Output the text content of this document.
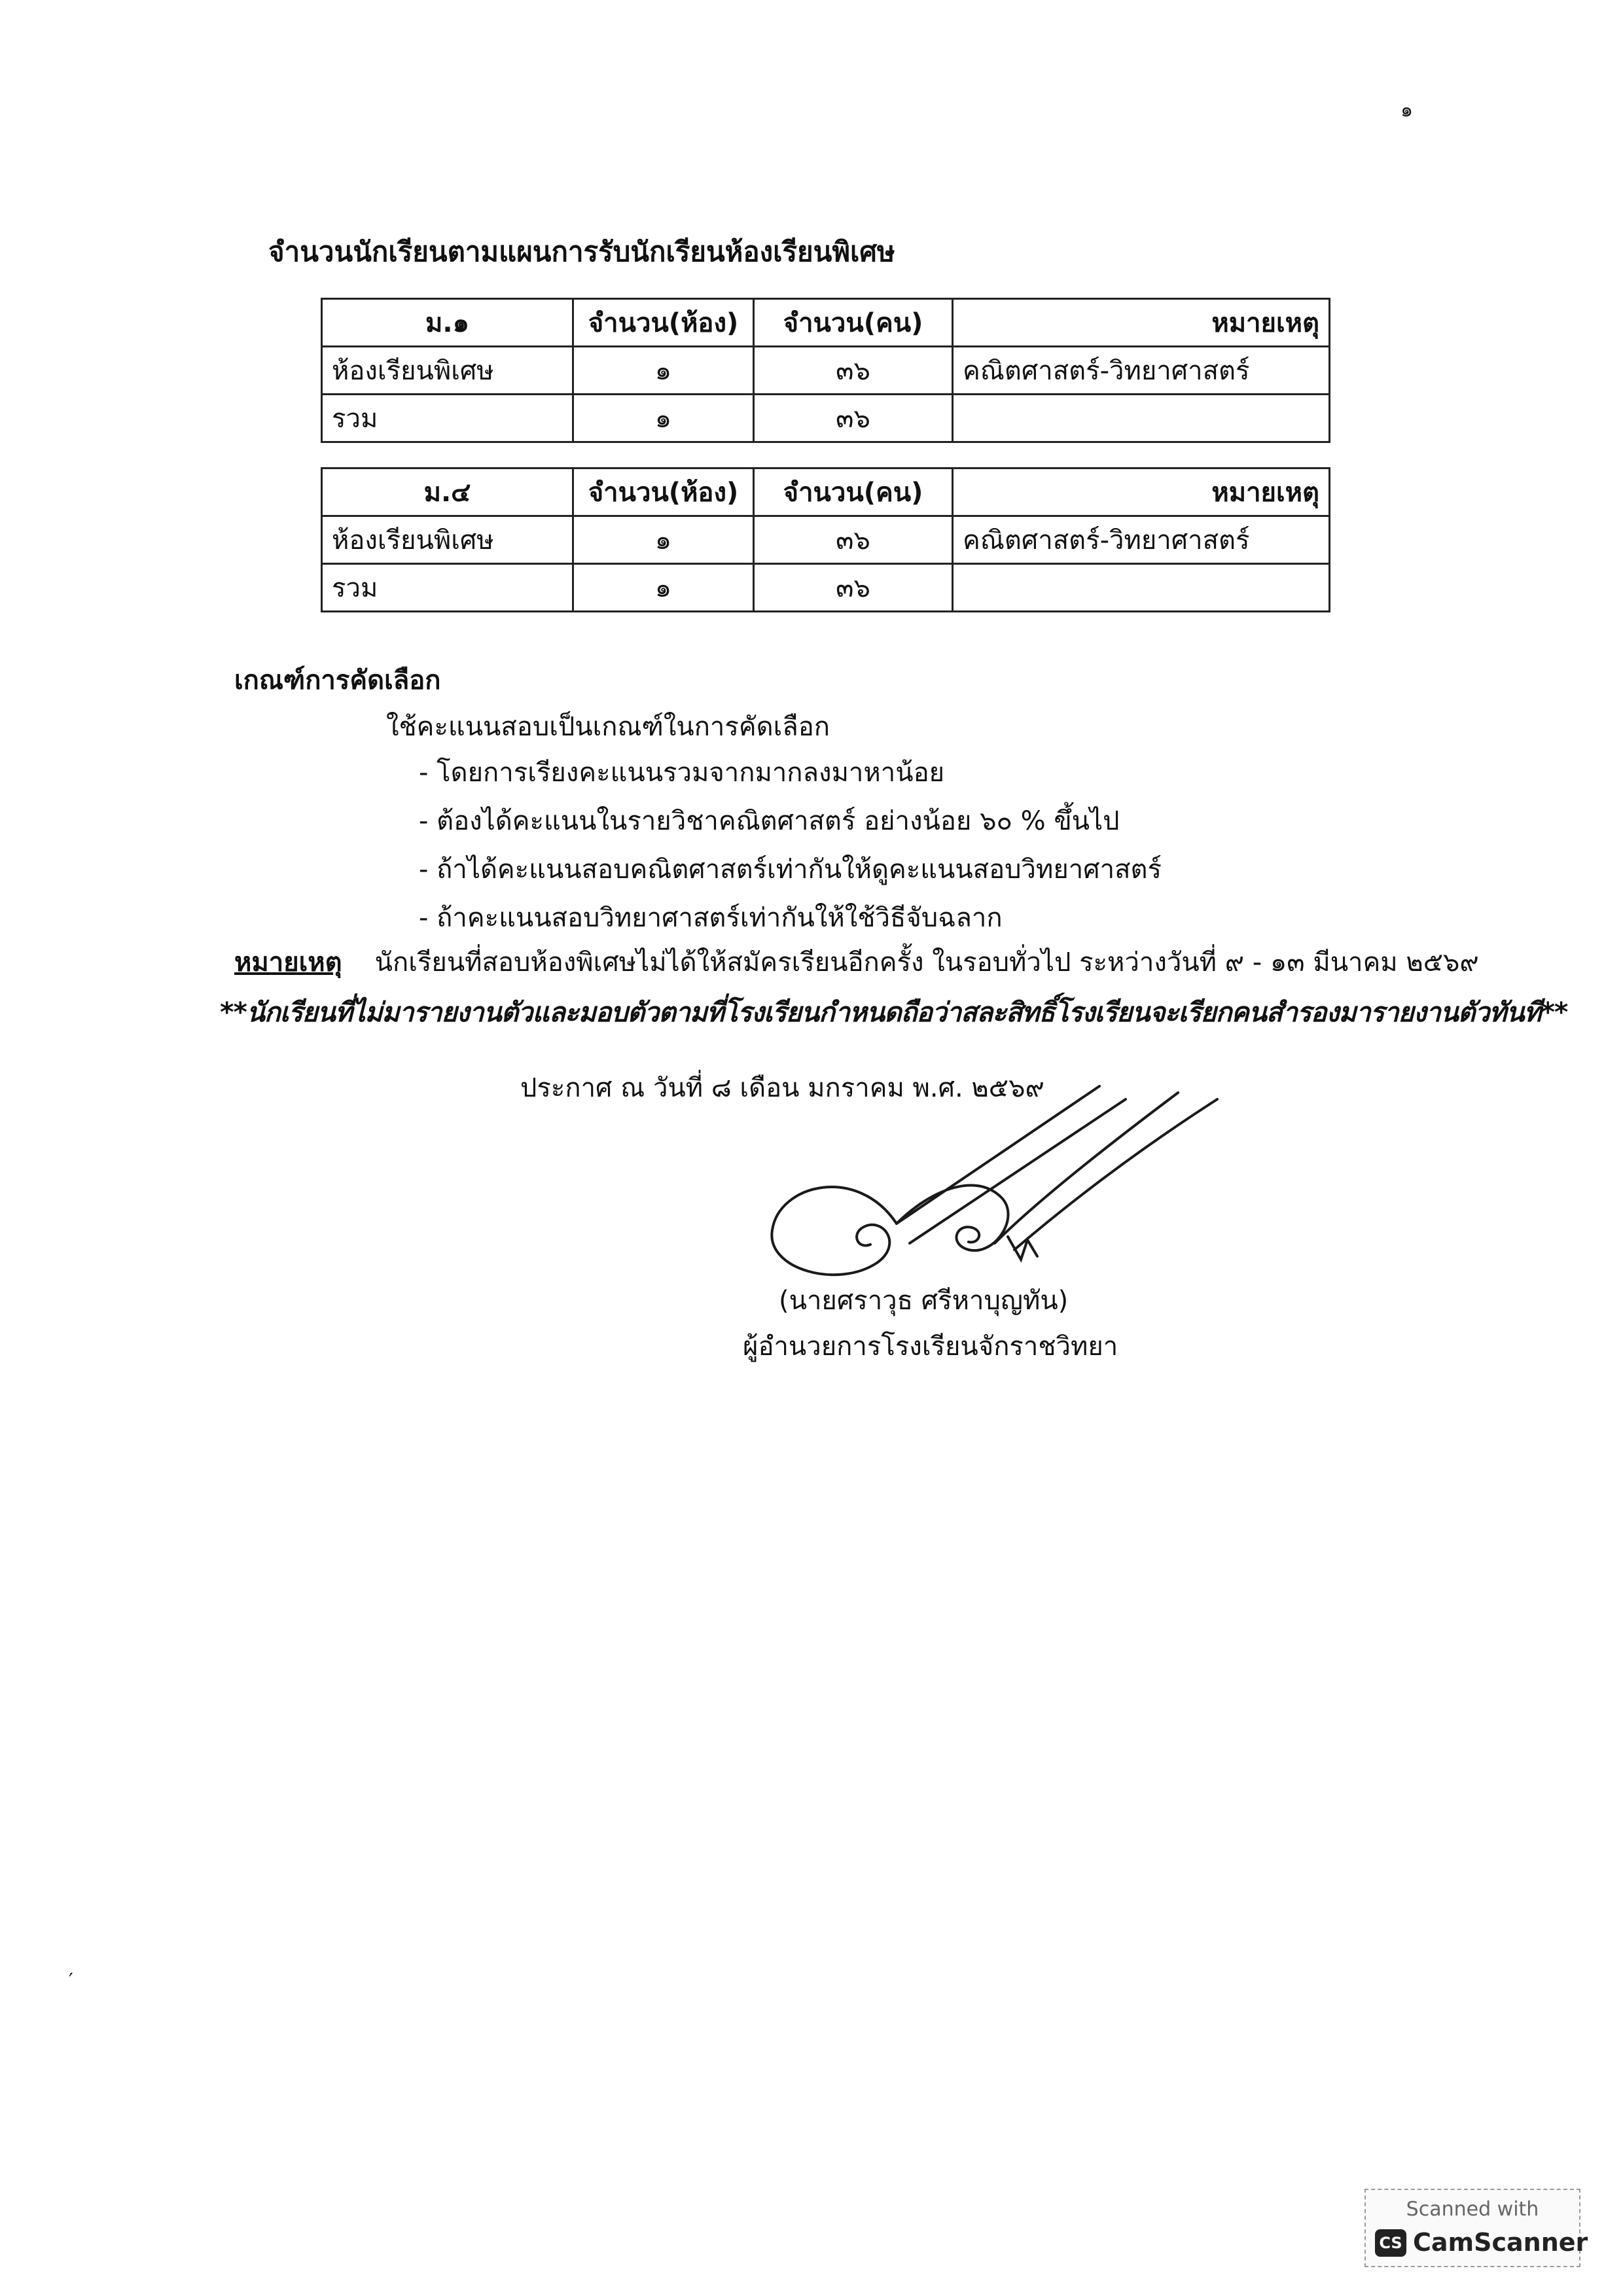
๑
จำนวนนักเรียนตามแผนการรับนักเรียนห้องเรียนพิเศษ
ม.๑	จำนวน(ห้อง)	จำนวน(คน)	หมายเหตุ
ห้องเรียนพิเศษ	๑	๓๖	คณิตศาสตร์-วิทยาศาสตร์
รวม	๑	๓๖	
ม.๔	จำนวน(ห้อง)	จำนวน(คน)	หมายเหตุ
ห้องเรียนพิเศษ	๑	๓๖	คณิตศาสตร์-วิทยาศาสตร์
รวม	๑	๓๖	
เกณฑ์การคัดเลือก
ใช้คะแนนสอบเป็นเกณฑ์ในการคัดเลือก
- โดยการเรียงคะแนนรวมจากมากลงมาหาน้อย
- ต้องได้คะแนนในรายวิชาคณิตศาสตร์ อย่างน้อย ๖๐ % ขึ้นไป
- ถ้าได้คะแนนสอบคณิตศาสตร์เท่ากันให้ดูคะแนนสอบวิทยาศาสตร์
- ถ้าคะแนนสอบวิทยาศาสตร์เท่ากันให้ใช้วิธีจับฉลาก
หมายเหตุ นักเรียนที่สอบห้องพิเศษไม่ได้ให้สมัครเรียนอีกครั้ง ในรอบทั่วไป ระหว่างวันที่ ๙ - ๑๓ มีนาคม ๒๕๖๙
**นักเรียนที่ไม่มารายงานตัวและมอบตัวตามที่โรงเรียนกำหนดถือว่าสละสิทธิ์โรงเรียนจะเรียกคนสำรองมารายงานตัวทันที**
ประกาศ ณ วันที่ ๘ เดือน มกราคม พ.ศ. ๒๕๖๙
(นายศราวุธ ศรีหาบุญทัน)
ผู้อำนวยการโรงเรียนจักราชวิทยา
′
Scanned with
CS CamScanner
